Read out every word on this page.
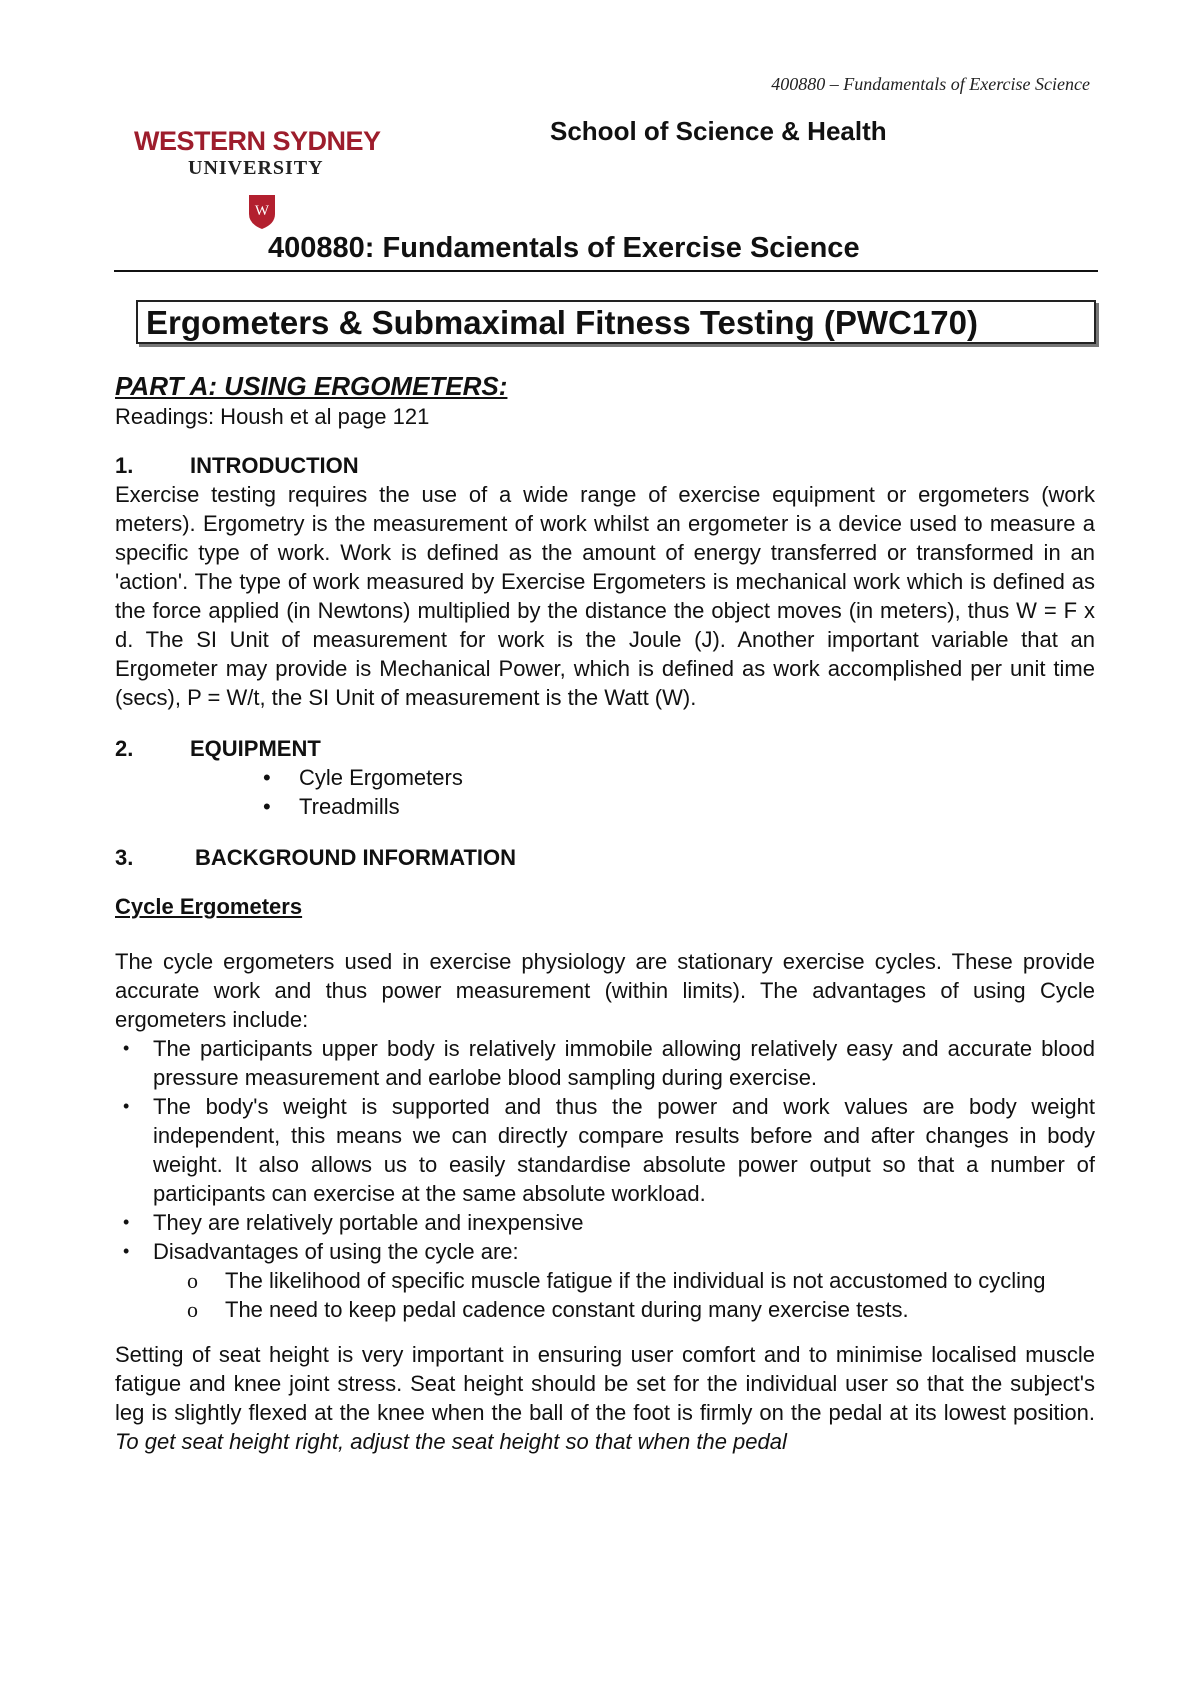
400880 – Fundamentals of Exercise Science
WESTERN SYDNEY
UNIVERSITY
W
School of Science & Health
400880: Fundamentals of Exercise Science
Ergometers & Submaximal Fitness Testing (PWC170)
PART A: USING ERGOMETERS:
Readings: Housh et al page 121
1.	INTRODUCTION
Exercise testing requires the use of a wide range of exercise equipment or ergometers (work meters). Ergometry is the measurement of work whilst an ergometer is a device used to measure a specific type of work. Work is defined as the amount of energy transferred or transformed in an 'action'. The type of work measured by Exercise Ergometers is mechanical work which is defined as the force applied (in Newtons) multiplied by the distance the object moves (in meters), thus W = F x d. The SI Unit of measurement for work is the Joule (J). Another important variable that an Ergometer may provide is Mechanical Power, which is defined as work accomplished per unit time (secs), P = W/t, the SI Unit of measurement is the Watt (W).
2.	EQUIPMENT
• Cyle Ergometers
• Treadmills
3.	BACKGROUND INFORMATION
Cycle Ergometers
The cycle ergometers used in exercise physiology are stationary exercise cycles. These provide accurate work and thus power measurement (within limits). The advantages of using Cycle ergometers include:
• The participants upper body is relatively immobile allowing relatively easy and accurate blood pressure measurement and earlobe blood sampling during exercise.
• The body's weight is supported and thus the power and work values are body weight independent, this means we can directly compare results before and after changes in body weight. It also allows us to easily standardise absolute power output so that a number of participants can exercise at the same absolute workload.
• They are relatively portable and inexpensive
• Disadvantages of using the cycle are:
o The likelihood of specific muscle fatigue if the individual is not accustomed to cycling
o The need to keep pedal cadence constant during many exercise tests.
Setting of seat height is very important in ensuring user comfort and to minimise localised muscle fatigue and knee joint stress. Seat height should be set for the individual user so that the subject's leg is slightly flexed at the knee when the ball of the foot is firmly on the pedal at its lowest position. To get seat height right, adjust the seat height so that when the pedal
